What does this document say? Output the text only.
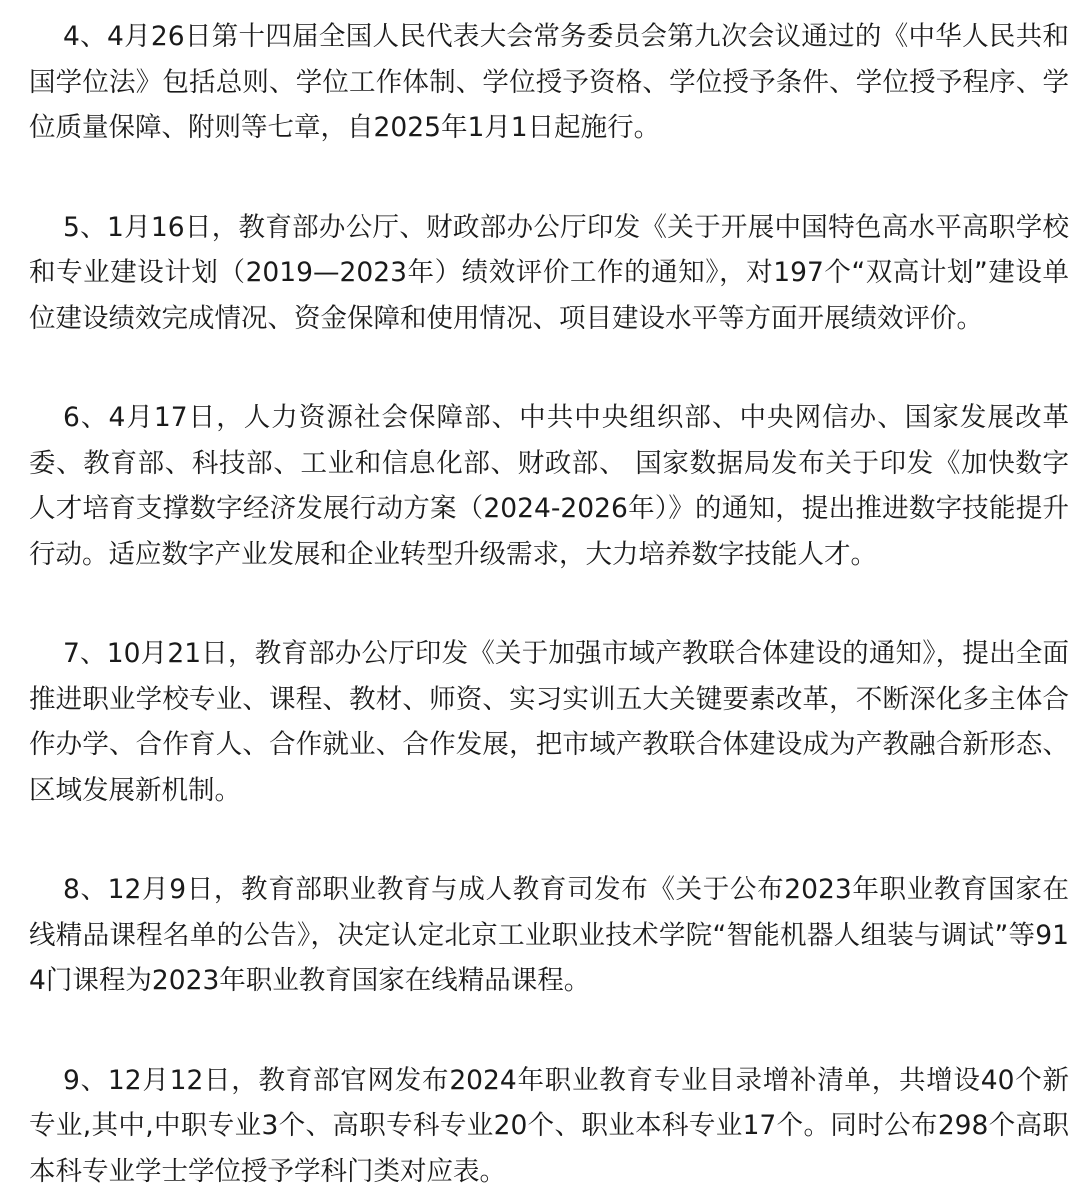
4、4月26日第十四届全国人民代表大会常务委员会第九次会议通过的《中华人民共和国学位法》包括总则、学位工作体制、学位授予资格、学位授予条件、学位授予程序、学位质量保障、附则等七章，自2025年1月1日起施行。

5、1月16日，教育部办公厅、财政部办公厅印发《关于开展中国特色高水平高职学校和专业建设计划（2019—2023年）绩效评价工作的通知》，对197个“双高计划”建设单位建设绩效完成情况、资金保障和使用情况、项目建设水平等方面开展绩效评价。

6、4月17日，人力资源社会保障部、中共中央组织部、中央网信办、国家发展改革委、教育部、科技部、工业和信息化部、财政部、 国家数据局发布关于印发《加快数字人才培育支撑数字经济发展行动方案（2024-2026年）》的通知，提出推进数字技能提升行动。适应数字产业发展和企业转型升级需求，大力培养数字技能人才。

7、10月21日，教育部办公厅印发《关于加强市域产教联合体建设的通知》，提出全面推进职业学校专业、课程、教材、师资、实习实训五大关键要素改革，不断深化多主体合作办学、合作育人、合作就业、合作发展，把市域产教联合体建设成为产教融合新形态、区域发展新机制。

8、12月9日，教育部职业教育与成人教育司发布《关于公布2023年职业教育国家在线精品课程名单的公告》，决定认定北京工业职业技术学院“智能机器人组装与调试”等914门课程为2023年职业教育国家在线精品课程。

9、12月12日，教育部官网发布2024年职业教育专业目录增补清单，共增设40个新专业,其中,中职专业3个、高职专科专业20个、职业本科专业17个。同时公布298个高职本科专业学士学位授予学科门类对应表。
